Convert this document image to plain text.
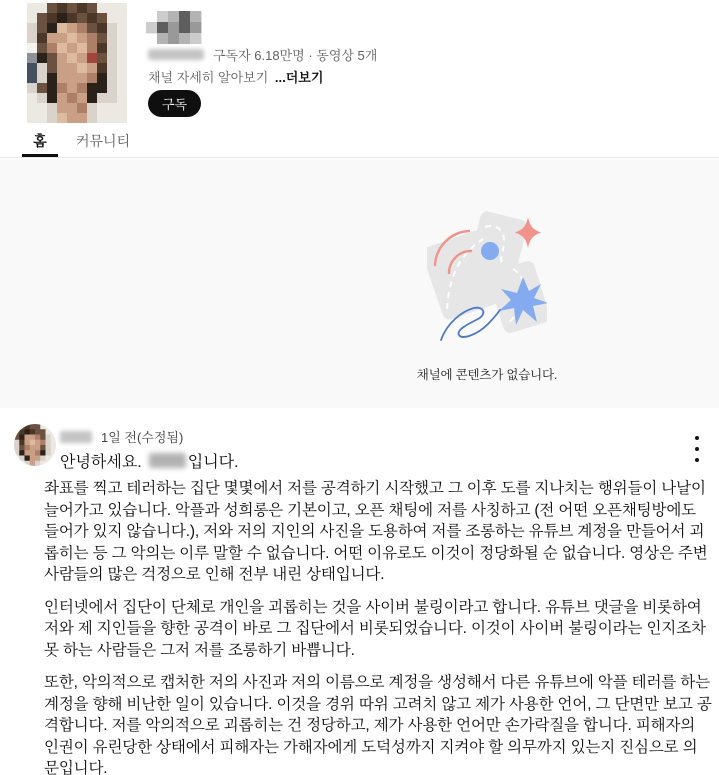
구독자 6.18만명 · 동영상 5개
채널 자세히 알아보기 ...더보기
구독
홈	커뮤니티
채널에 콘텐츠가 없습니다.
1일 전(수정됨)
안녕하세요.	입니다.

좌표를 찍고 테러하는 집단 몇몇에서 저를 공격하기 시작했고 그 이후 도를 지나치는 행위들이 나날이 늘어가고 있습니다. 악플과 성희롱은 기본이고, 오픈 채팅에 저를 사칭하고 (전 어떤 오픈채팅방에도 들어가 있지 않습니다.), 저와 저의 지인의 사진을 도용하여 저를 조롱하는 유튜브 계정을 만들어서 괴롭히는 등 그 악의는 이루 말할 수 없습니다. 어떤 이유로도 이것이 정당화될 순 없습니다. 영상은 주변 사람들의 많은 걱정으로 인해 전부 내린 상태입니다.

인터넷에서 집단이 단체로 개인을 괴롭히는 것을 사이버 불링이라고 합니다. 유튜브 댓글을 비롯하여 저와 제 지인들을 향한 공격이 바로 그 집단에서 비롯되었습니다. 이것이 사이버 불링이라는 인지조차 못 하는 사람들은 그저 저를 조롱하기 바쁩니다.

또한, 악의적으로 캡처한 저의 사진과 저의 이름으로 계정을 생성해서 다른 유튜브에 악플 테러를 하는 계정을 향해 비난한 일이 있습니다. 이것을 경위 따위 고려치 않고 제가 사용한 언어, 그 단면만 보고 공격합니다. 저를 악의적으로 괴롭히는 건 정당하고, 제가 사용한 언어만 손가락질을 합니다. 피해자의 인권이 유린당한 상태에서 피해자는 가해자에게 도덕성까지 지켜야 할 의무까지 있는지 진심으로 의문입니다.
